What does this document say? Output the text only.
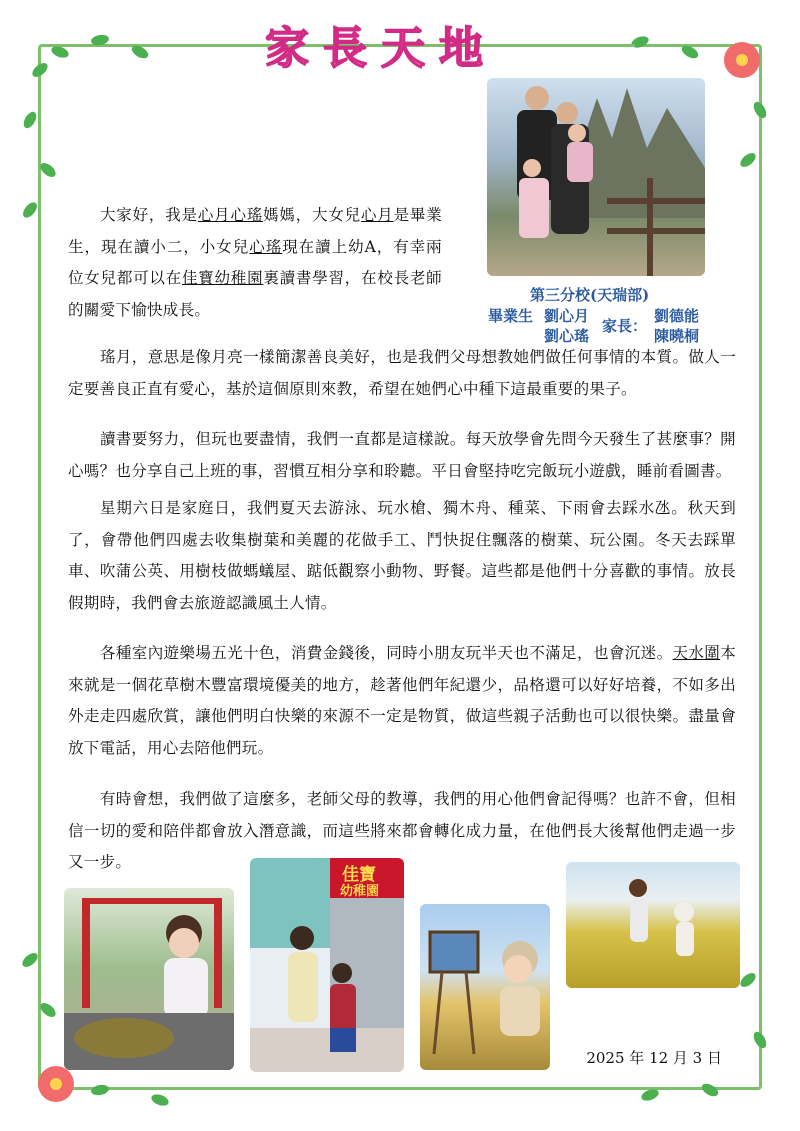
家長天地
第三分校(天瑞部)
畢業生 劉心月
劉心瑤
家長：
劉德能
陳曉桐
大家好，我是心月心瑤媽媽，大女兒心月是畢業生，現在讀小二，小女兒心瑤現在讀上幼A，有幸兩位女兒都可以在佳寶幼稚園裏讀書學習，在校長老師的關愛下愉快成長。
瑤月，意思是像月亮一樣簡潔善良美好，也是我們父母想教她們做任何事情的本質。做人一定要善良正直有愛心，基於這個原則來教，希望在她們心中種下這最重要的果子。
讀書要努力，但玩也要盡情，我們一直都是這樣說。每天放學會先問今天發生了甚麼事？開心嗎？也分享自己上班的事，習慣互相分享和聆聽。平日會堅持吃完飯玩小遊戲，睡前看圖書。
星期六日是家庭日，我們夏天去游泳、玩水槍、獨木舟、種菜、下雨會去踩水氹。秋天到了，會帶他們四處去收集樹葉和美麗的花做手工、鬥快捉住飄落的樹葉、玩公園。冬天去踩單車、吹蒲公英、用樹枝做螞蟻屋、踮低觀察小動物、野餐。這些都是他們十分喜歡的事情。放長假期時，我們會去旅遊認識風土人情。
各種室內遊樂場五光十色，消費金錢後，同時小朋友玩半天也不滿足，也會沉迷。天水圍本來就是一個花草樹木豐富環境優美的地方，趁著他們年紀還少，品格還可以好好培養，不如多出外走走四處欣賞，讓他們明白快樂的來源不一定是物質，做這些親子活動也可以很快樂。盡量會放下電話，用心去陪他們玩。
有時會想，我們做了這麼多，老師父母的教導，我們的用心他們會記得嗎？也許不會，但相信一切的愛和陪伴都會放入潛意識，而這些將來都會轉化成力量，在他們長大後幫他們走過一步又一步。
佳寶
幼稚園
2025 年 12 月 3 日
